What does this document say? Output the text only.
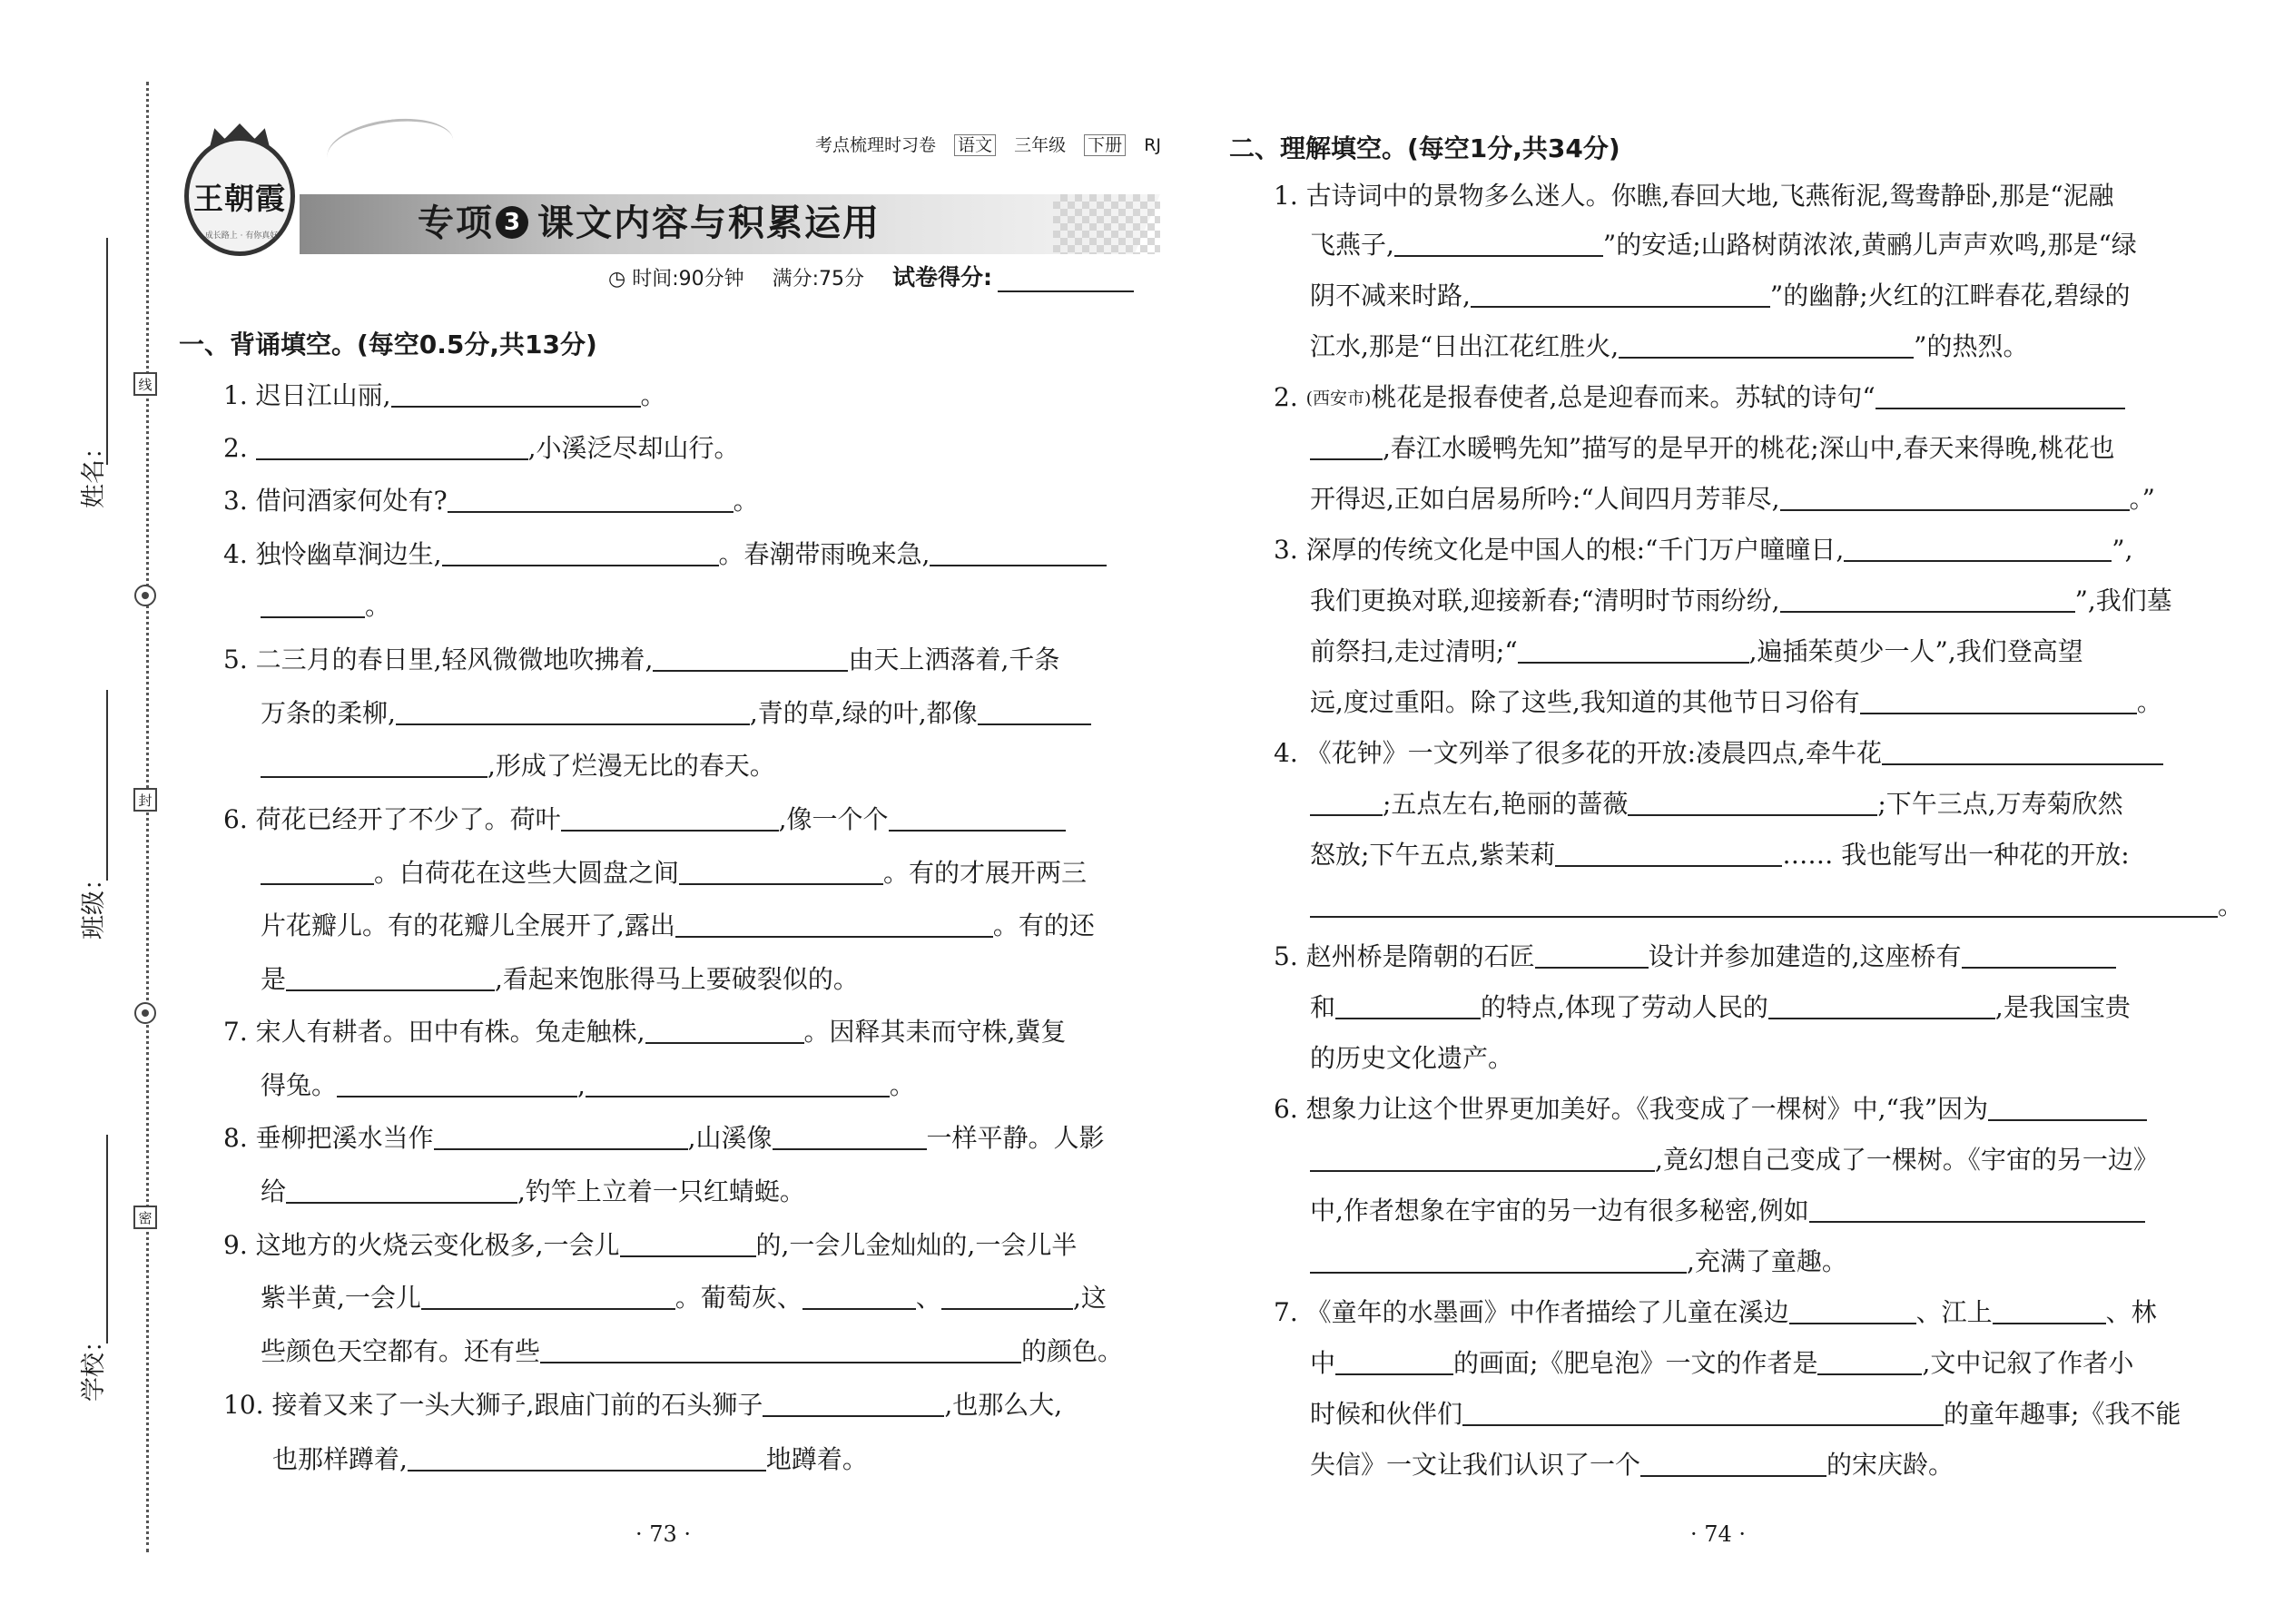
线
封
密
姓名：
班级：
学校：
王朝霞
成长路上 · 有你真好
考点梳理时习卷 语文 三年级 下册 RJ
专项 3 课文内容与积累运用
◷ 时间:90分钟 满分:75分 试卷得分:
一、背诵填空。(每空0.5分,共13分)
1. 迟日江山丽,	。
2.	,小溪泛尽却山行。
3. 借问酒家何处有?	。
4. 独怜幽草涧边生,	。春潮带雨晚来急,
。
5. 二三月的春日里,轻风微微地吹拂着,	由天上洒落着,千条
万条的柔柳,	,青的草,绿的叶,都像
,形成了烂漫无比的春天。
6. 荷花已经开了不少了。荷叶	,像一个个
。白荷花在这些大圆盘之间	。有的才展开两三
片花瓣儿。有的花瓣儿全展开了,露出	。有的还
是	,看起来饱胀得马上要破裂似的。
7. 宋人有耕者。田中有株。兔走触株,	。因释其耒而守株,冀复
得兔。	,	。
8. 垂柳把溪水当作	,山溪像	一样平静。人影
给	,钓竿上立着一只红蜻蜓。
9. 这地方的火烧云变化极多,一会儿	的,一会儿金灿灿的,一会儿半
紫半黄,一会儿	。葡萄灰、	、	,这
些颜色天空都有。还有些	的颜色。
10. 接着又来了一头大狮子,跟庙门前的石头狮子	,也那么大,
也那样蹲着,	地蹲着。
· 73 ·
二、理解填空。(每空1分,共34分)
1. 古诗词中的景物多么迷人。你瞧,春回大地,飞燕衔泥,鸳鸯静卧,那是“泥融
飞燕子,	”的安适;山路树荫浓浓,黄鹂儿声声欢鸣,那是“绿
阴不减来时路,	”的幽静;火红的江畔春花,碧绿的
江水,那是“日出江花红胜火,	”的热烈。
2. (西安市)桃花是报春使者,总是迎春而来。苏轼的诗句“
,春江水暖鸭先知”描写的是早开的桃花;深山中,春天来得晚,桃花也
开得迟,正如白居易所吟:“人间四月芳菲尽,	。”
3. 深厚的传统文化是中国人的根:“千门万户曈曈日,	”,
我们更换对联,迎接新春;“清明时节雨纷纷,	”,我们墓
前祭扫,走过清明;“	,遍插茱萸少一人”,我们登高望
远,度过重阳。除了这些,我知道的其他节日习俗有	。
4. 《花钟》一文列举了很多花的开放:凌晨四点,牵牛花
;五点左右,艳丽的蔷薇	;下午三点,万寿菊欣然
怒放;下午五点,紫茉莉	…… 我也能写出一种花的开放:
。
5. 赵州桥是隋朝的石匠	设计并参加建造的,这座桥有
和	的特点,体现了劳动人民的	,是我国宝贵
的历史文化遗产。
6. 想象力让这个世界更加美好。《我变成了一棵树》中,“我”因为
,竟幻想自己变成了一棵树。《宇宙的另一边》
中,作者想象在宇宙的另一边有很多秘密,例如
,充满了童趣。
7. 《童年的水墨画》中作者描绘了儿童在溪边	、江上	、林
中	的画面;《肥皂泡》一文的作者是	,文中记叙了作者小
时候和伙伴们	的童年趣事;《我不能
失信》一文让我们认识了一个	的宋庆龄。
· 74 ·
